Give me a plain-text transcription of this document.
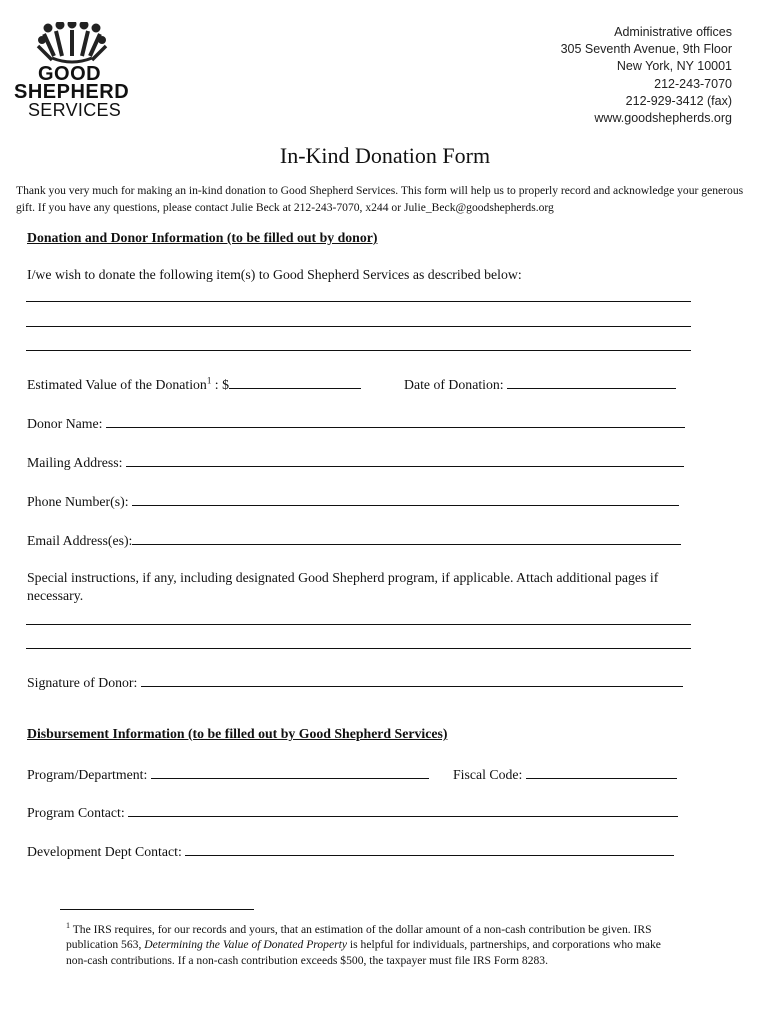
GOOD
SHEPHERD
SERVICES
Administrative offices
305 Seventh Avenue, 9th Floor
New York, NY 10001
212-243-7070
212-929-3412 (fax)
www.goodshepherds.org
In-Kind Donation Form
Thank you very much for making an in-kind donation to Good Shepherd Services. This form will help us to properly record and acknowledge your generous gift. If you have any questions, please contact Julie Beck at 212-243-7070, x244 or Julie_Beck@goodshepherds.org
Donation and Donor Information (to be filled out by donor)
I/we wish to donate the following item(s) to Good Shepherd Services as described below:
Estimated Value of the Donation$^1$ : $	Date of Donation:
Donor Name:
Mailing Address:
Phone Number(s):
Email Address(es):
Special instructions, if any, including designated Good Shepherd program, if applicable. Attach additional pages if necessary.
Signature of Donor:
Disbursement Information (to be filled out by Good Shepherd Services)
Program/Department:	Fiscal Code:
Program Contact:
Development Dept Contact:
$^1$ The IRS requires, for our records and yours, that an estimation of the dollar amount of a non-cash contribution be given. IRS publication 563, Determining the Value of Donated Property is helpful for individuals, partnerships, and corporations who make non-cash contributions. If a non-cash contribution exceeds $500, the taxpayer must file IRS Form 8283.
